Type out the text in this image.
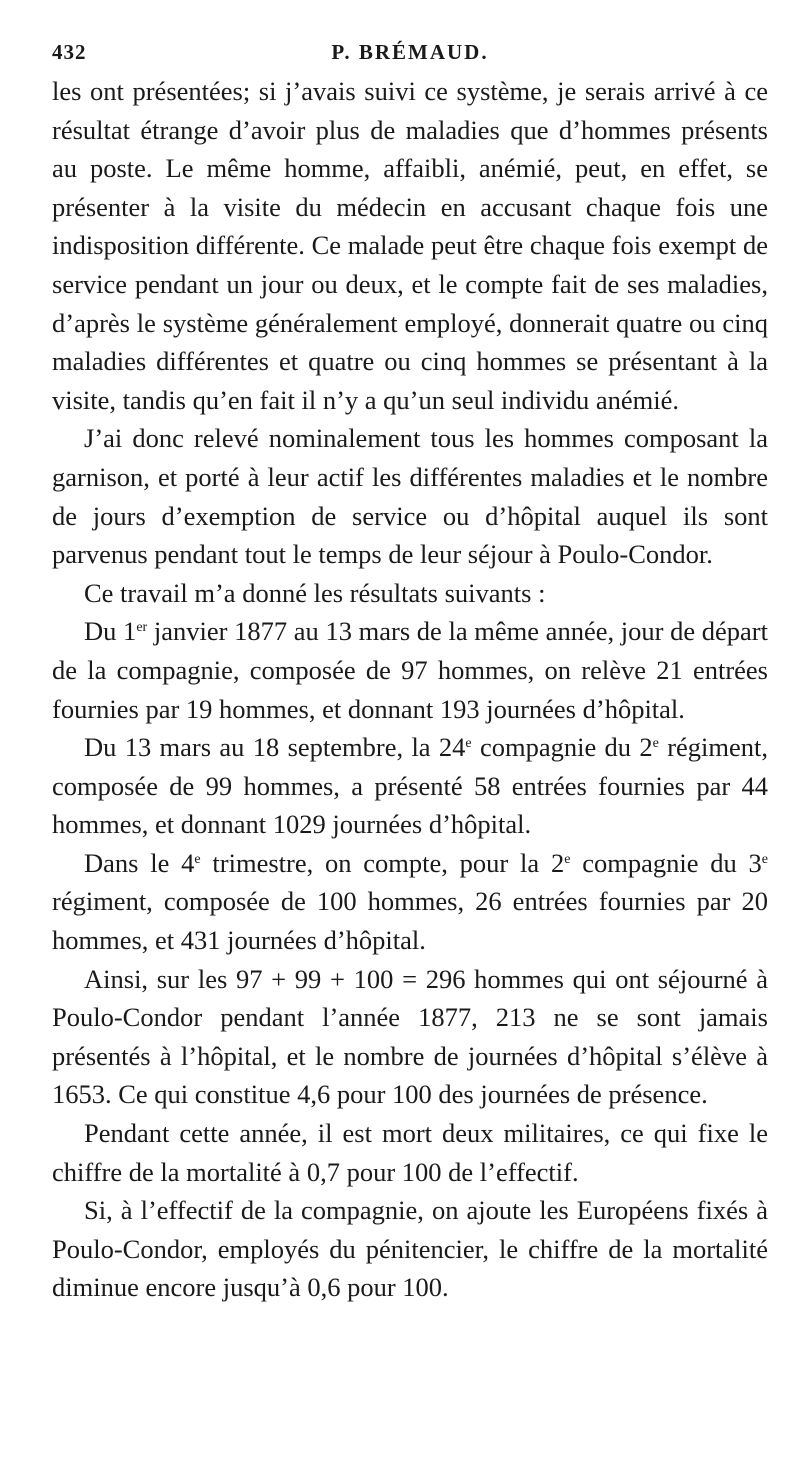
432	P. BRÉMAUD.

les ont présentées; si j’avais suivi ce système, je serais arrivé à ce résultat étrange d’avoir plus de maladies que d’hommes présents au poste. Le même homme, affaibli, anémié, peut, en effet, se présenter à la visite du médecin en accusant chaque fois une indisposition différente. Ce malade peut être chaque fois exempt de service pendant un jour ou deux, et le compte fait de ses maladies, d’après le système généralement employé, donnerait quatre ou cinq maladies différentes et quatre ou cinq hommes se présentant à la visite, tandis qu’en fait il n’y a qu’un seul individu anémié.

J’ai donc relevé nominalement tous les hommes composant la garnison, et porté à leur actif les différentes maladies et le nombre de jours d’exemption de service ou d’hôpital auquel ils sont parvenus pendant tout le temps de leur séjour à Poulo-Condor.

Ce travail m’a donné les résultats suivants :

Du 1er janvier 1877 au 13 mars de la même année, jour de départ de la compagnie, composée de 97 hommes, on relève 21 entrées fournies par 19 hommes, et donnant 193 journées d’hôpital.

Du 13 mars au 18 septembre, la 24e compagnie du 2e régiment, composée de 99 hommes, a présenté 58 entrées fournies par 44 hommes, et donnant 1029 journées d’hôpital.

Dans le 4e trimestre, on compte, pour la 2e compagnie du 3e régiment, composée de 100 hommes, 26 entrées fournies par 20 hommes, et 431 journées d’hôpital.

Ainsi, sur les 97 + 99 + 100 = 296 hommes qui ont séjourné à Poulo-Condor pendant l’année 1877, 213 ne se sont jamais présentés à l’hôpital, et le nombre de journées d’hôpital s’élève à 1653. Ce qui constitue 4,6 pour 100 des journées de présence.

Pendant cette année, il est mort deux militaires, ce qui fixe le chiffre de la mortalité à 0,7 pour 100 de l’effectif.

Si, à l’effectif de la compagnie, on ajoute les Européens fixés à Poulo-Condor, employés du pénitencier, le chiffre de la mortalité diminue encore jusqu’à 0,6 pour 100.
